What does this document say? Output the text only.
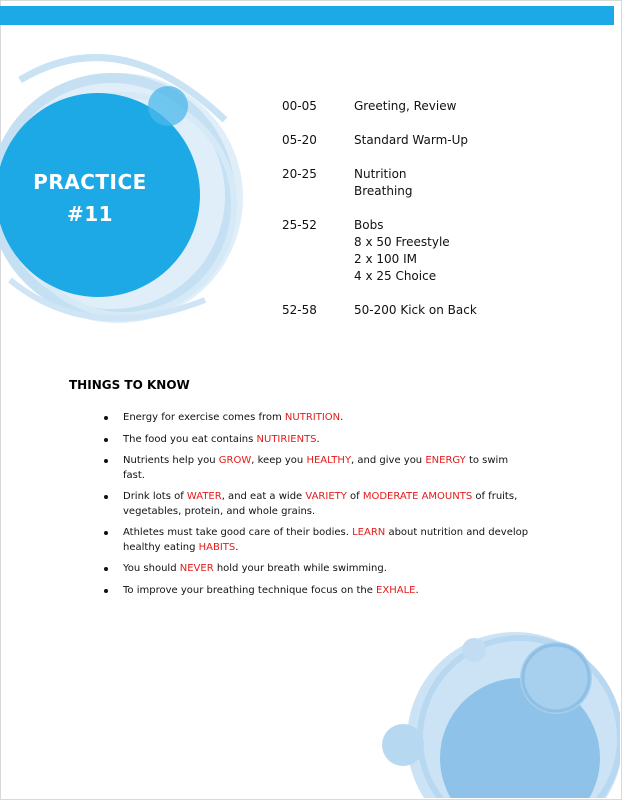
PRACTICE
#11
00-05	Greeting, Review
05-20	Standard Warm-Up
20-25	Nutrition
Breathing
25-52	Bobs
8 x 50 Freestyle
2 x 100 IM
4 x 25 Choice
52-58	50-200 Kick on Back
THINGS TO KNOW
Energy for exercise comes from NUTRITION.
The food you eat contains NUTIRIENTS.
Nutrients help you GROW, keep you HEALTHY, and give you ENERGY to swim fast.
Drink lots of WATER, and eat a wide VARIETY of MODERATE AMOUNTS of fruits, vegetables, protein, and whole grains.
Athletes must take good care of their bodies. LEARN about nutrition and develop healthy eating HABITS.
You should NEVER hold your breath while swimming.
To improve your breathing technique focus on the EXHALE.
